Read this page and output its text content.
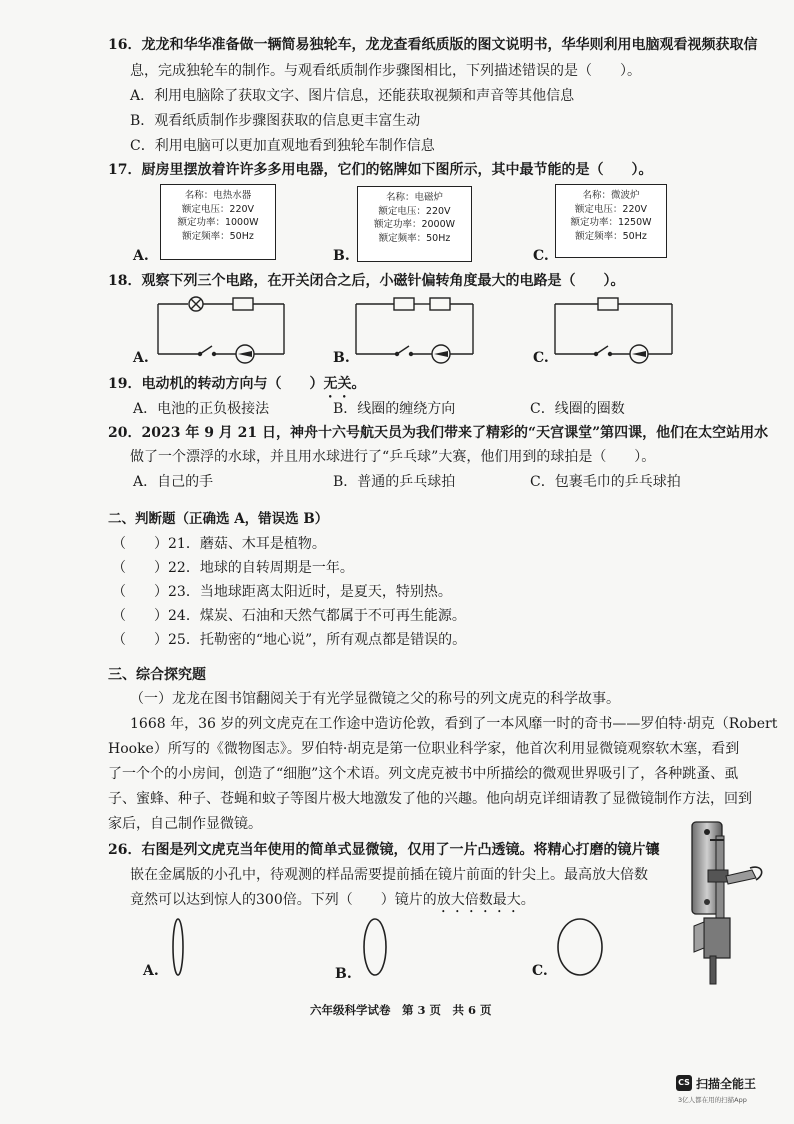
16．龙龙和华华准备做一辆简易独轮车，龙龙查看纸质版的图文说明书，华华则利用电脑观看视频获取信
息，完成独轮车的制作。与观看纸质制作步骤图相比，下列描述错误的是（　　）。
A．利用电脑除了获取文字、图片信息，还能获取视频和声音等其他信息
B．观看纸质制作步骤图获取的信息更丰富生动
C．利用电脑可以更加直观地看到独轮车制作信息
17．厨房里摆放着许许多多用电器，它们的铭牌如下图所示，其中最节能的是（　　）。
名称：电热水器
额定电压：220V
额定功率：1000W
额定频率：50Hz
A.
名称：电磁炉
额定电压：220V
额定功率：2000W
额定频率：50Hz
B.
名称：微波炉
额定电压：220V
额定功率：1250W
额定频率：50Hz
C.
18．观察下列三个电路，在开关闭合之后，小磁针偏转角度最大的电路是（　　）。
A.	B.	C.
19．电动机的转动方向与（　　）无关。
A．电池的正负极接法	B．线圈的缠绕方向	C．线圈的圈数
20．2023 年 9 月 21 日，神舟十六号航天员为我们带来了精彩的“天宫课堂”第四课，他们在太空站用水
做了一个漂浮的水球，并且用水球进行了“乒乓球”大赛，他们用到的球拍是（　　）。
A．自己的手	B．普通的乒乓球拍	C．包裹毛巾的乒乓球拍
二、判断题（正确选 A，错误选 B）
（　　）21．蘑菇、木耳是植物。
（　　）22．地球的自转周期是一年。
（　　）23．当地球距离太阳近时，是夏天，特别热。
（　　）24．煤炭、石油和天然气都属于不可再生能源。
（　　）25．托勒密的“地心说”，所有观点都是错误的。
三、综合探究题
（一）龙龙在图书馆翻阅关于有光学显微镜之父的称号的列文虎克的科学故事。
1668 年，36 岁的列文虎克在工作途中造访伦敦，看到了一本风靡一时的奇书——罗伯特·胡克（Robert
Hooke）所写的《微物图志》。罗伯特·胡克是第一位职业科学家，他首次利用显微镜观察软木塞，看到
了一个个的小房间，创造了“细胞”这个术语。列文虎克被书中所描绘的微观世界吸引了，各种跳蚤、虱
子、蜜蜂、种子、苍蝇和蚊子等图片极大地激发了他的兴趣。他向胡克详细请教了显微镜制作方法，回到
家后，自己制作显微镜。
26．右图是列文虎克当年使用的简单式显微镜，仅用了一片凸透镜。将精心打磨的镜片镶
嵌在金属版的小孔中，待观测的样品需要提前插在镜片前面的针尖上。最高放大倍数
竟然可以达到惊人的300倍。下列（　　）镜片的放大倍数最大。
A.	B.	C.
六年级科学试卷　第 3 页　共 6 页
CS 扫描全能王
3亿人都在用的扫描App
